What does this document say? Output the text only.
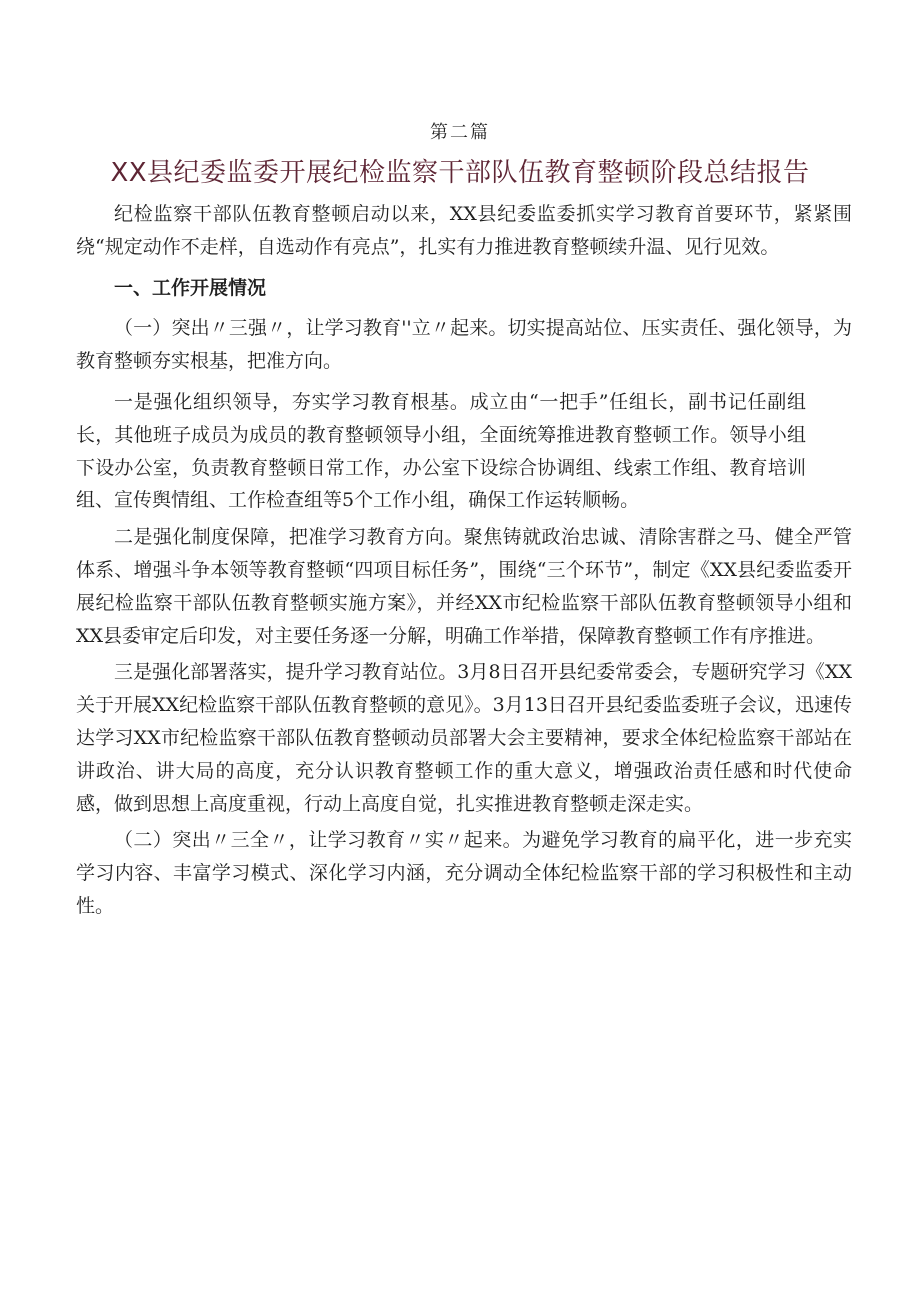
第二篇
XX县纪委监委开展纪检监察干部队伍教育整顿阶段总结报告

纪检监察干部队伍教育整顿启动以来，XX县纪委监委抓实学习教育首要环节，紧紧围绕“规定动作不走样，自选动作有亮点”，扎实有力推进教育整顿续升温、见行见效。

一、工作开展情况

（一）突出〃三强〃，让学习教育''立〃起来。切实提高站位、压实责任、强化领导，为教育整顿夯实根基，把准方向。

一是强化组织领导，夯实学习教育根基。成立由“一把手”任组长，副书记任副组长，其他班子成员为成员的教育整顿领导小组，全面统筹推进教育整顿工作。领导小组下设办公室，负责教育整顿日常工作，办公室下设综合协调组、线索工作组、教育培训组、宣传舆情组、工作检查组等5个工作小组，确保工作运转顺畅。

二是强化制度保障，把准学习教育方向。聚焦铸就政治忠诚、清除害群之马、健全严管体系、增强斗争本领等教育整顿“四项目标任务”，围绕“三个环节”，制定《XX县纪委监委开展纪检监察干部队伍教育整顿实施方案》，并经XX市纪检监察干部队伍教育整顿领导小组和XX县委审定后印发，对主要任务逐一分解，明确工作举措，保障教育整顿工作有序推进。

三是强化部署落实，提升学习教育站位。3月8日召开县纪委常委会，专题研究学习《XX关于开展XX纪检监察干部队伍教育整顿的意见》。3月13日召开县纪委监委班子会议，迅速传达学习XX市纪检监察干部队伍教育整顿动员部署大会主要精神，要求全体纪检监察干部站在讲政治、讲大局的高度，充分认识教育整顿工作的重大意义，增强政治责任感和时代使命感，做到思想上高度重视，行动上高度自觉，扎实推进教育整顿走深走实。

（二）突出〃三全〃，让学习教育〃实〃起来。为避免学习教育的扁平化，进一步充实学习内容、丰富学习模式、深化学习内涵，充分调动全体纪检监察干部的学习积极性和主动性。
